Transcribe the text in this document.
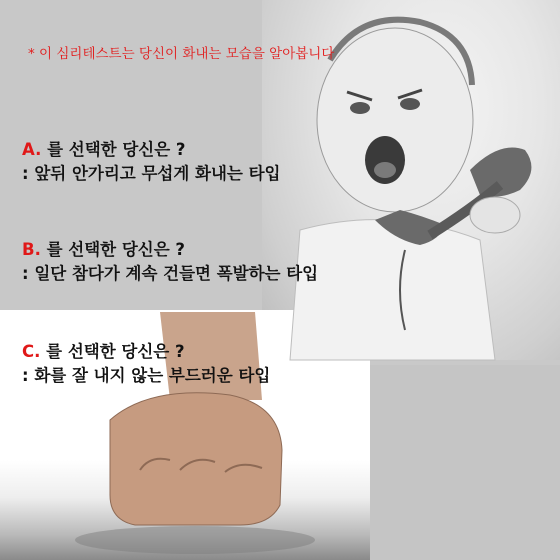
* 이 심리테스트는 당신이 화내는 모습을 알아봅니다
A. 를 선택한 당신은 ?
: 앞뒤 안가리고 무섭게 화내는 타입
B. 를 선택한 당신은 ?
: 일단 참다가 계속 건들면 폭발하는 타입
C. 를 선택한 당신은 ?
: 화를 잘 내지 않는 부드러운 타입
